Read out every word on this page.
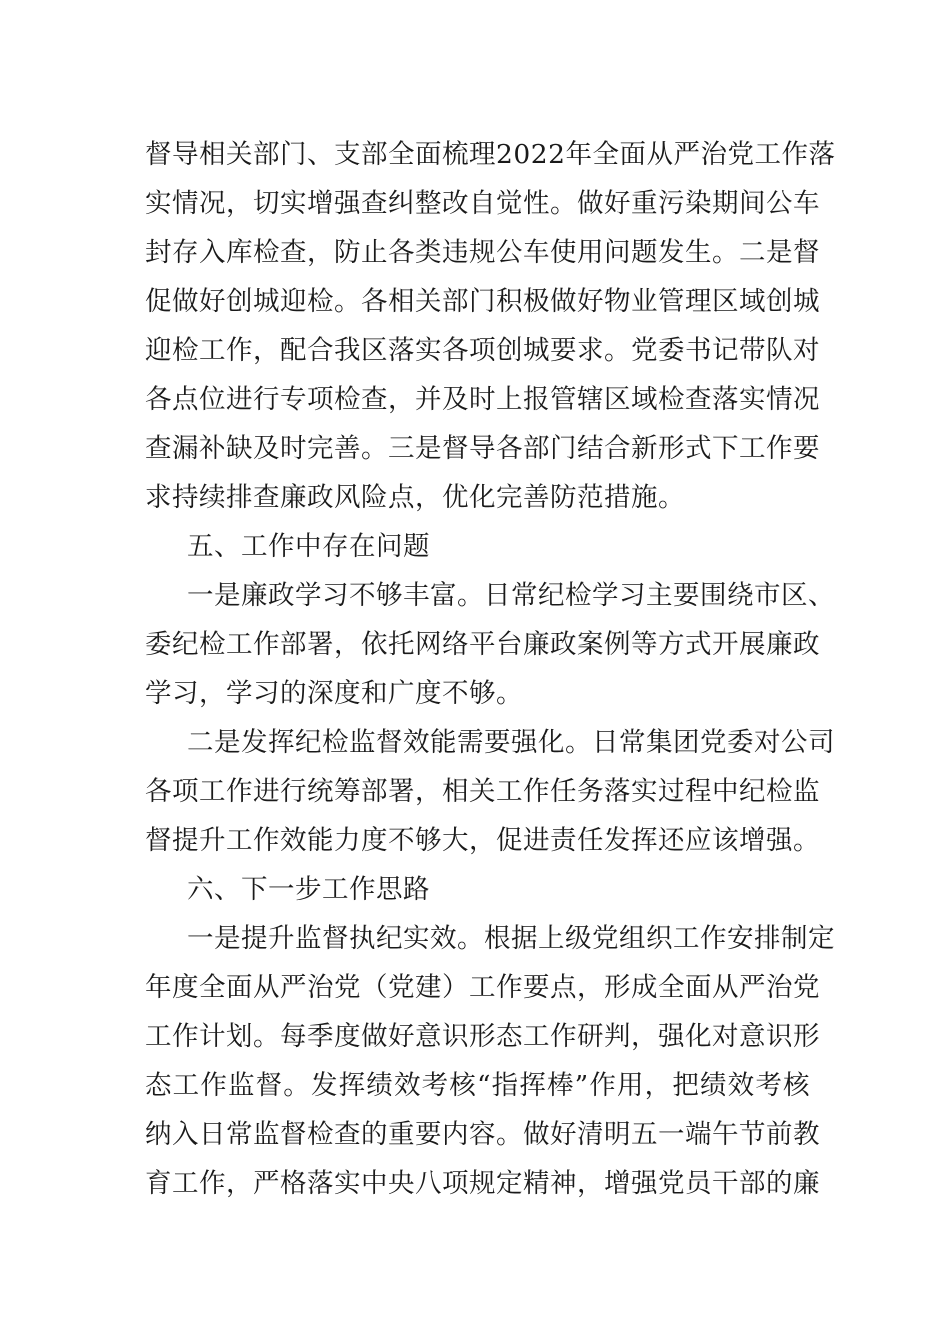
督导相关部门、支部全面梳理2022年全面从严治党工作落
实情况，切实增强查纠整改自觉性。做好重污染期间公车
封存入库检查，防止各类违规公车使用问题发生。二是督
促做好创城迎检。各相关部门积极做好物业管理区域创城
迎检工作，配合我区落实各项创城要求。党委书记带队对
各点位进行专项检查，并及时上报管辖区域检查落实情况
查漏补缺及时完善。三是督导各部门结合新形式下工作要
求持续排查廉政风险点，优化完善防范措施。
五、工作中存在问题
一是廉政学习不够丰富。日常纪检学习主要围绕市区、
委纪检工作部署，依托网络平台廉政案例等方式开展廉政
学习，学习的深度和广度不够。
二是发挥纪检监督效能需要强化。日常集团党委对公司
各项工作进行统筹部署，相关工作任务落实过程中纪检监
督提升工作效能力度不够大，促进责任发挥还应该增强。
六、下一步工作思路
一是提升监督执纪实效。根据上级党组织工作安排制定
年度全面从严治党（党建）工作要点，形成全面从严治党
工作计划。每季度做好意识形态工作研判，强化对意识形
态工作监督。发挥绩效考核“指挥棒”作用，把绩效考核
纳入日常监督检查的重要内容。做好清明五一端午节前教
育工作，严格落实中央八项规定精神，增强党员干部的廉
